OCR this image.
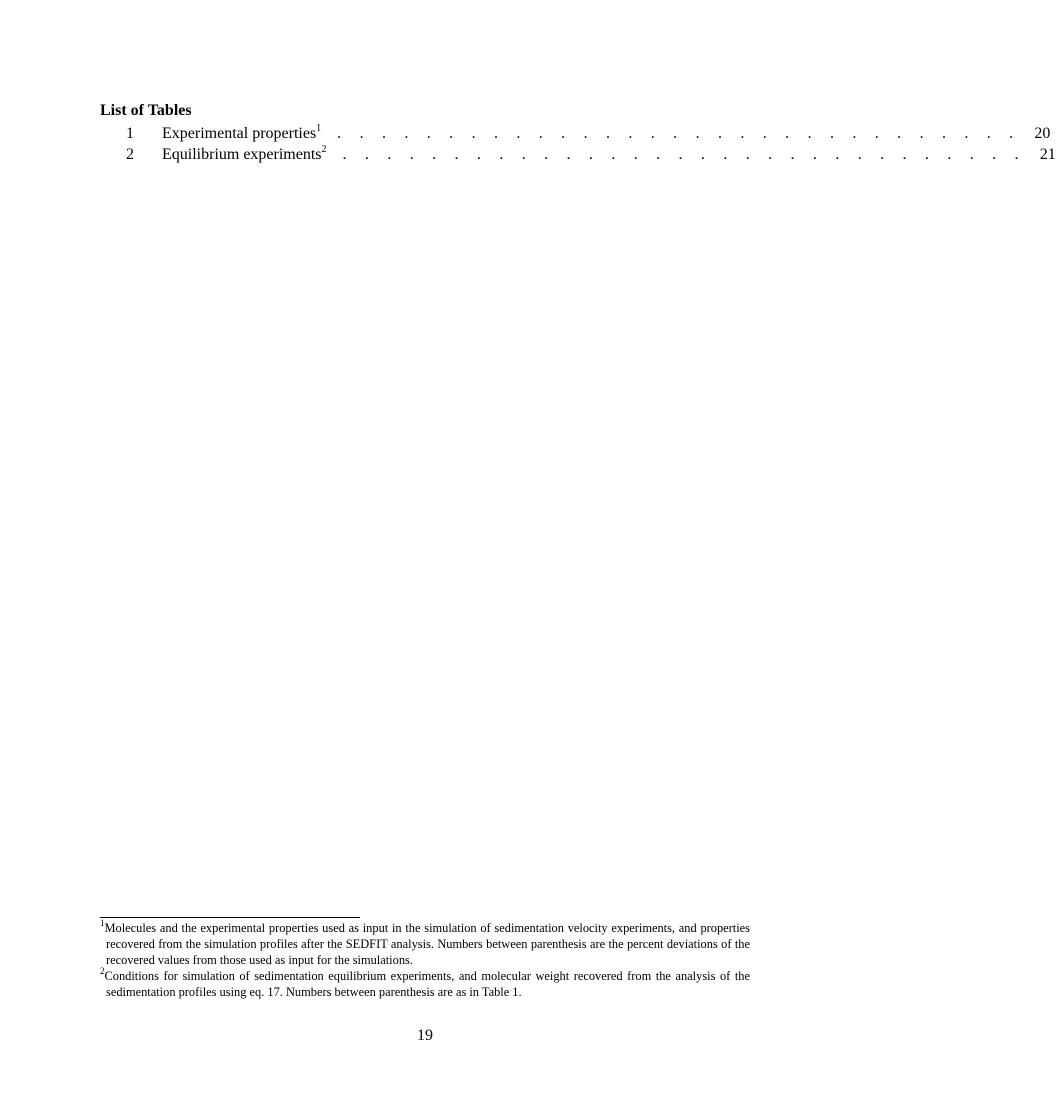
List of Tables
1 Experimental properties$^1$ . . . . . . . . . . . . . . . . . . . . . . . . . . . . . . . 20
2 Equilibrium experiments$^2$ . . . . . . . . . . . . . . . . . . . . . . . . . . . . . . . 21

$^1$Molecules and the experimental properties used as input in the simulation of sedimentation velocity experiments, and properties recovered from the simulation profiles after the SEDFIT analysis. Numbers between parenthesis are the percent deviations of the recovered values from those used as input for the simulations.

$^2$Conditions for simulation of sedimentation equilibrium experiments, and molecular weight recovered from the analysis of the sedimentation profiles using eq. 17. Numbers between parenthesis are as in Table 1.

19
